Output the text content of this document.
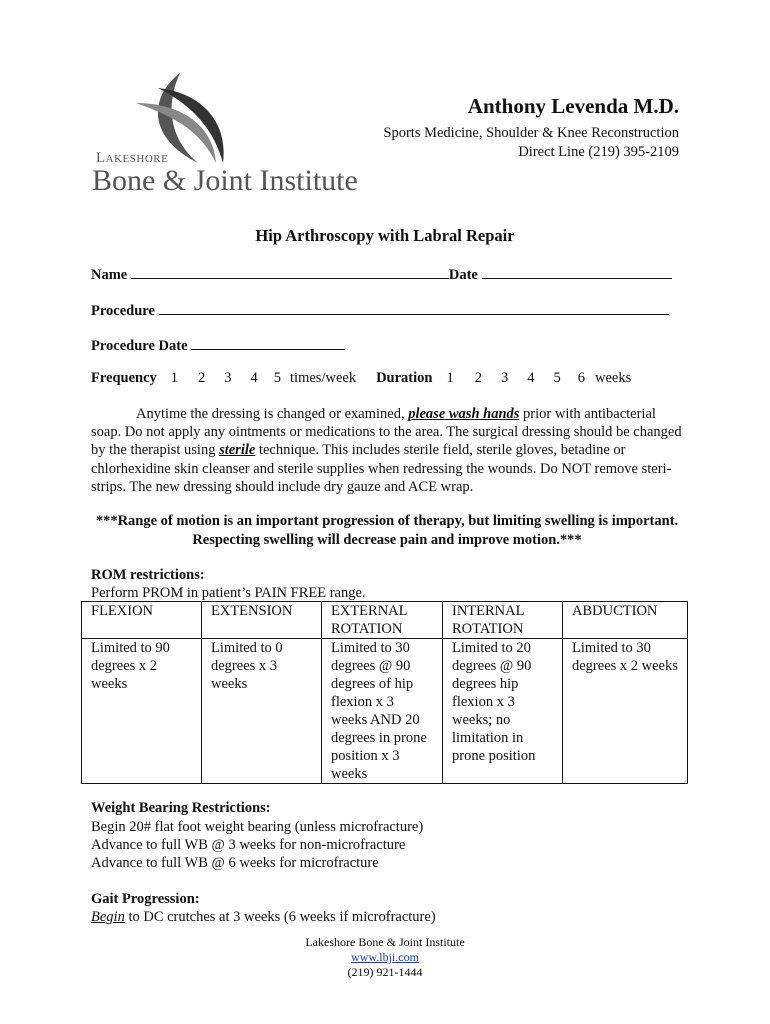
Lakeshore
Bone & Joint Institute
Anthony Levenda M.D.
Sports Medicine, Shoulder & Knee Reconstruction
Direct Line (219) 395-2109
Hip Arthroscopy with Labral Repair
Name	Date
Procedure
Procedure Date
Frequency 1 2 3 4 5 times/week Duration 1 2 3 4 5 6 weeks
Anytime the dressing is changed or examined, please wash hands prior with antibacterial soap. Do not apply any ointments or medications to the area. The surgical dressing should be changed by the therapist using sterile technique. This includes sterile field, sterile gloves, betadine or chlorhexidine skin cleanser and sterile supplies when redressing the wounds. Do NOT remove steri-strips. The new dressing should include dry gauze and ACE wrap.
***Range of motion is an important progression of therapy, but limiting swelling is important. Respecting swelling will decrease pain and improve motion.***
ROM restrictions:
Perform PROM in patient’s PAIN FREE range.
FLEXION	EXTENSION	EXTERNAL ROTATION	INTERNAL ROTATION	ABDUCTION
Limited to 90 degrees x 2 weeks	Limited to 0 degrees x 3 weeks	Limited to 30 degrees @ 90 degrees of hip flexion x 3 weeks AND 20 degrees in prone position x 3 weeks	Limited to 20 degrees @ 90 degrees hip flexion x 3 weeks; no limitation in prone position	Limited to 30 degrees x 2 weeks
Weight Bearing Restrictions:
Begin 20# flat foot weight bearing (unless microfracture)
Advance to full WB @ 3 weeks for non-microfracture
Advance to full WB @ 6 weeks for microfracture
Gait Progression:
Begin to DC crutches at 3 weeks (6 weeks if microfracture)
Lakeshore Bone & Joint Institute
www.lbji.com
(219) 921-1444
